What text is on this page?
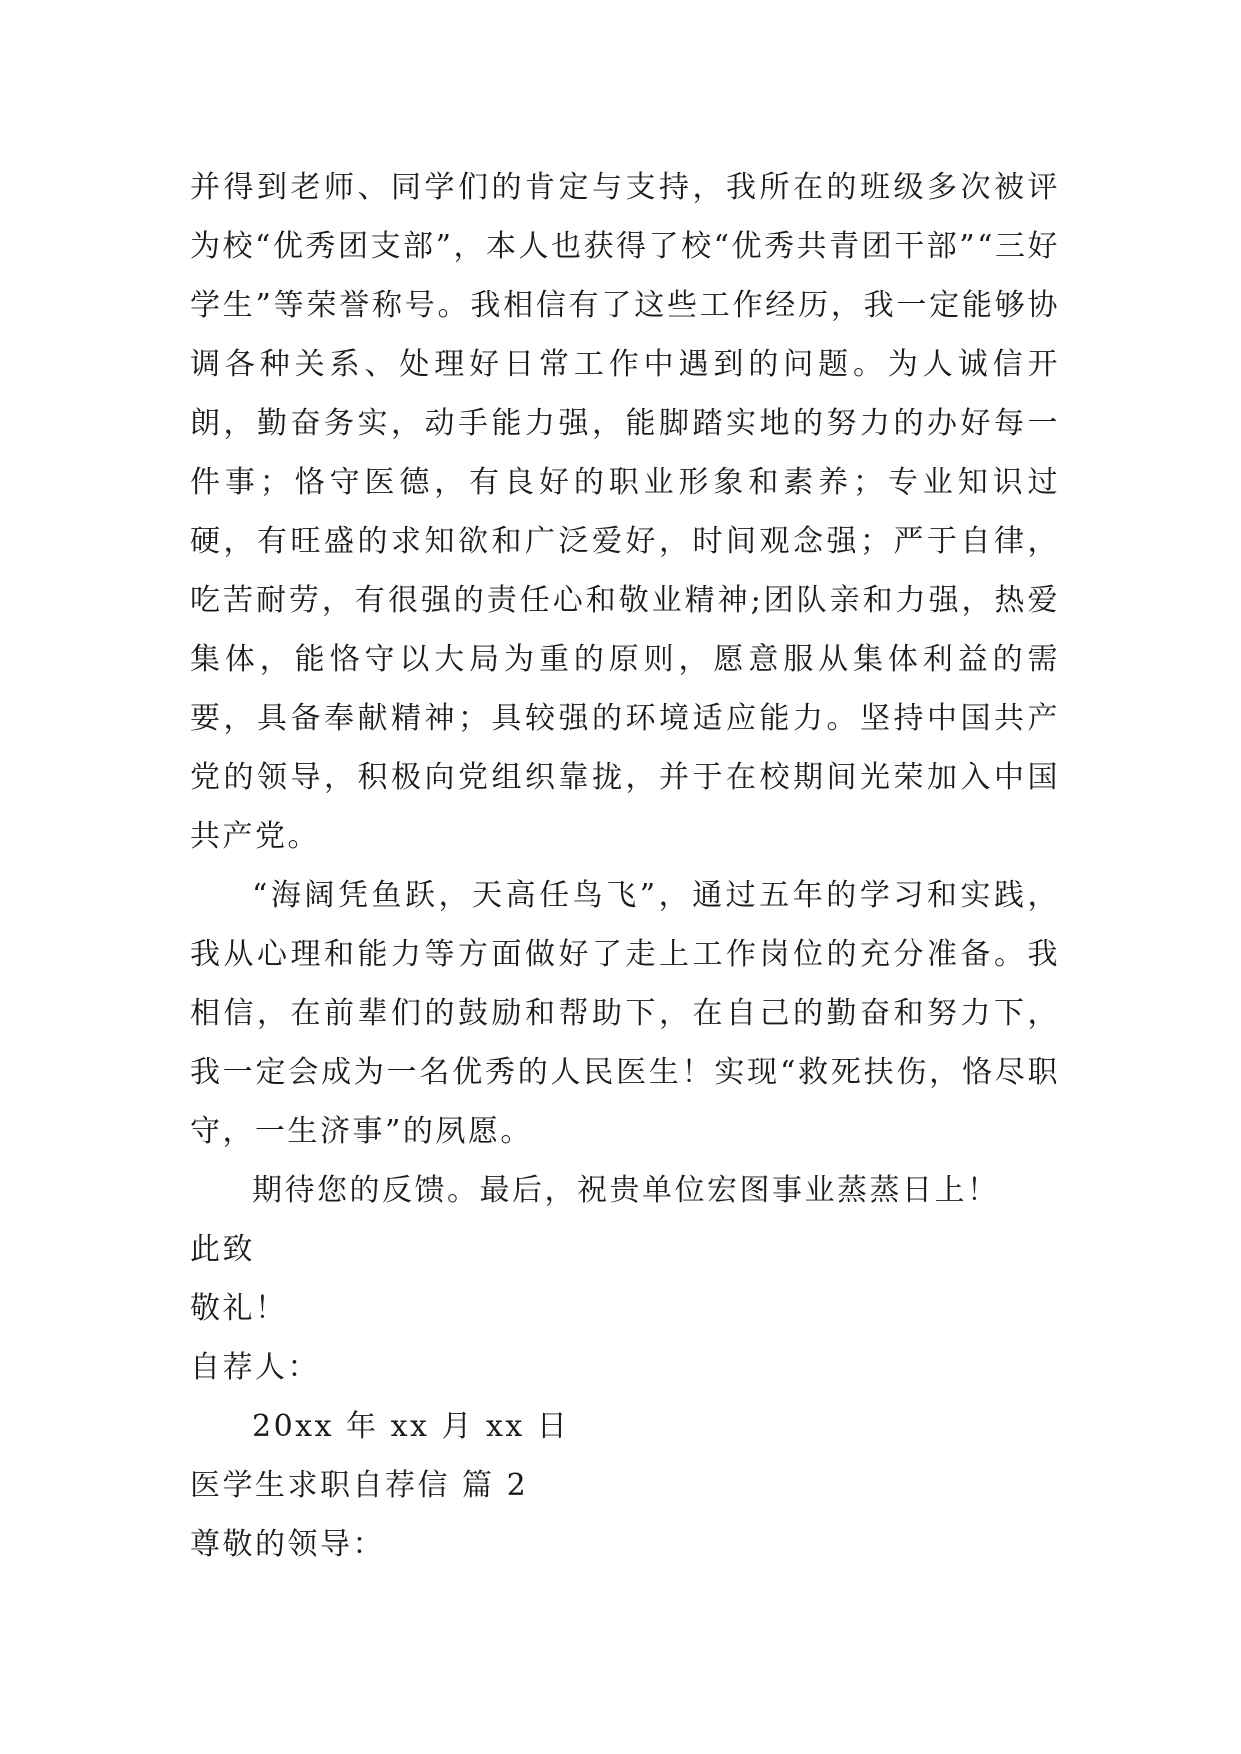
并得到老师、同学们的肯定与支持，我所在的班级多次被评为校“优秀团支部”，本人也获得了校“优秀共青团干部”“三好学生”等荣誉称号。我相信有了这些工作经历，我一定能够协调各种关系、处理好日常工作中遇到的问题。为人诚信开朗，勤奋务实，动手能力强，能脚踏实地的努力的办好每一件事；恪守医德，有良好的职业形象和素养；专业知识过硬，有旺盛的求知欲和广泛爱好，时间观念强；严于自律，吃苦耐劳，有很强的责任心和敬业精神;团队亲和力强，热爱集体，能恪守以大局为重的原则，愿意服从集体利益的需要，具备奉献精神；具较强的环境适应能力。坚持中国共产党的领导，积极向党组织靠拢，并于在校期间光荣加入中国共产党。

“海阔凭鱼跃，天高任鸟飞”，通过五年的学习和实践，我从心理和能力等方面做好了走上工作岗位的充分准备。我相信，在前辈们的鼓励和帮助下，在自己的勤奋和努力下，我一定会成为一名优秀的人民医生！实现“救死扶伤，恪尽职守，一生济事”的夙愿。

期待您的反馈。最后，祝贵单位宏图事业蒸蒸日上！

此致

敬礼！

自荐人：

20xx 年 xx 月 xx 日

医学生求职自荐信 篇 2

尊敬的领导：
